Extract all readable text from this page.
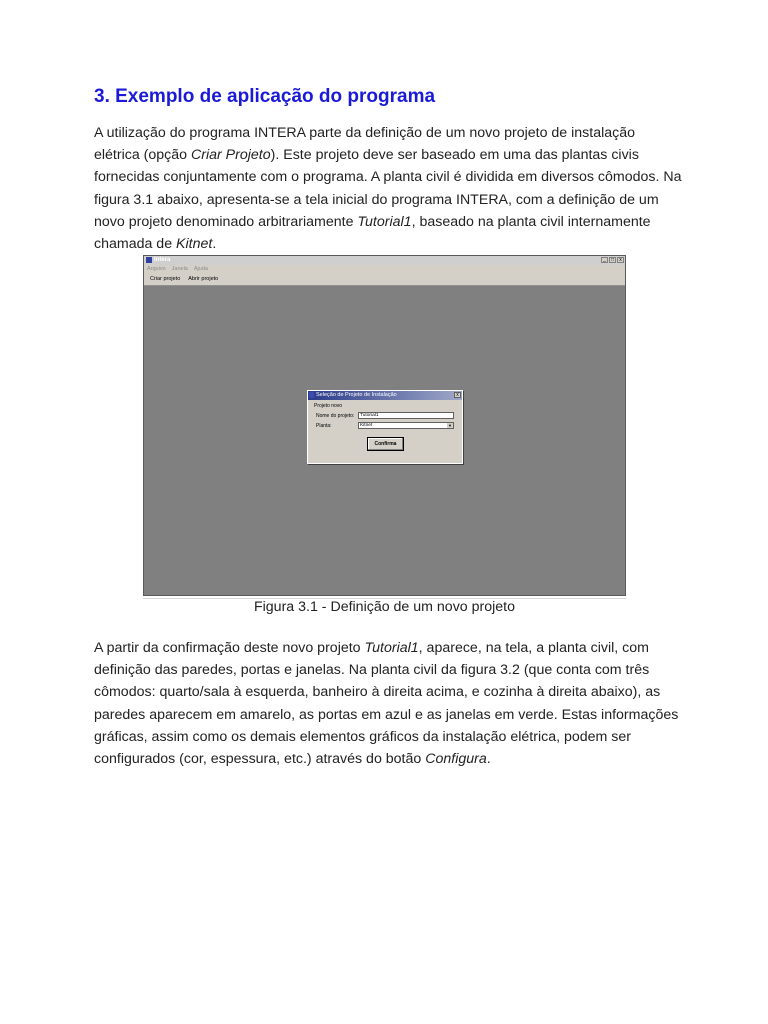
3. Exemplo de aplicação do programa

A utilização do programa INTERA parte da definição de um novo projeto de instalação elétrica (opção Criar Projeto). Este projeto deve ser baseado em uma das plantas civis fornecidas conjuntamente com o programa. A planta civil é dividida em diversos cômodos. Na figura 3.1 abaixo, apresenta-se a tela inicial do programa INTERA, com a definição de um novo projeto denominado arbitrariamente Tutorial1, baseado na planta civil internamente chamada de Kitnet.

Intera	_	□	x
Arquivo Janela Ajuda
Criar projeto Abrir projeto
Seleção de Projeto de Instalação	x
Projeto novo
Nome do projeto:	Tutorial1
Planta:	Kitnet	▼
Confirma
Figura 3.1 - Definição de um novo projeto

A partir da confirmação deste novo projeto Tutorial1, aparece, na tela, a planta civil, com definição das paredes, portas e janelas. Na planta civil da figura 3.2 (que conta com três cômodos: quarto/sala à esquerda, banheiro à direita acima, e cozinha à direita abaixo), as paredes aparecem em amarelo, as portas em azul e as janelas em verde. Estas informações gráficas, assim como os demais elementos gráficos da instalação elétrica, podem ser configurados (cor, espessura, etc.) através do botão Configura.
